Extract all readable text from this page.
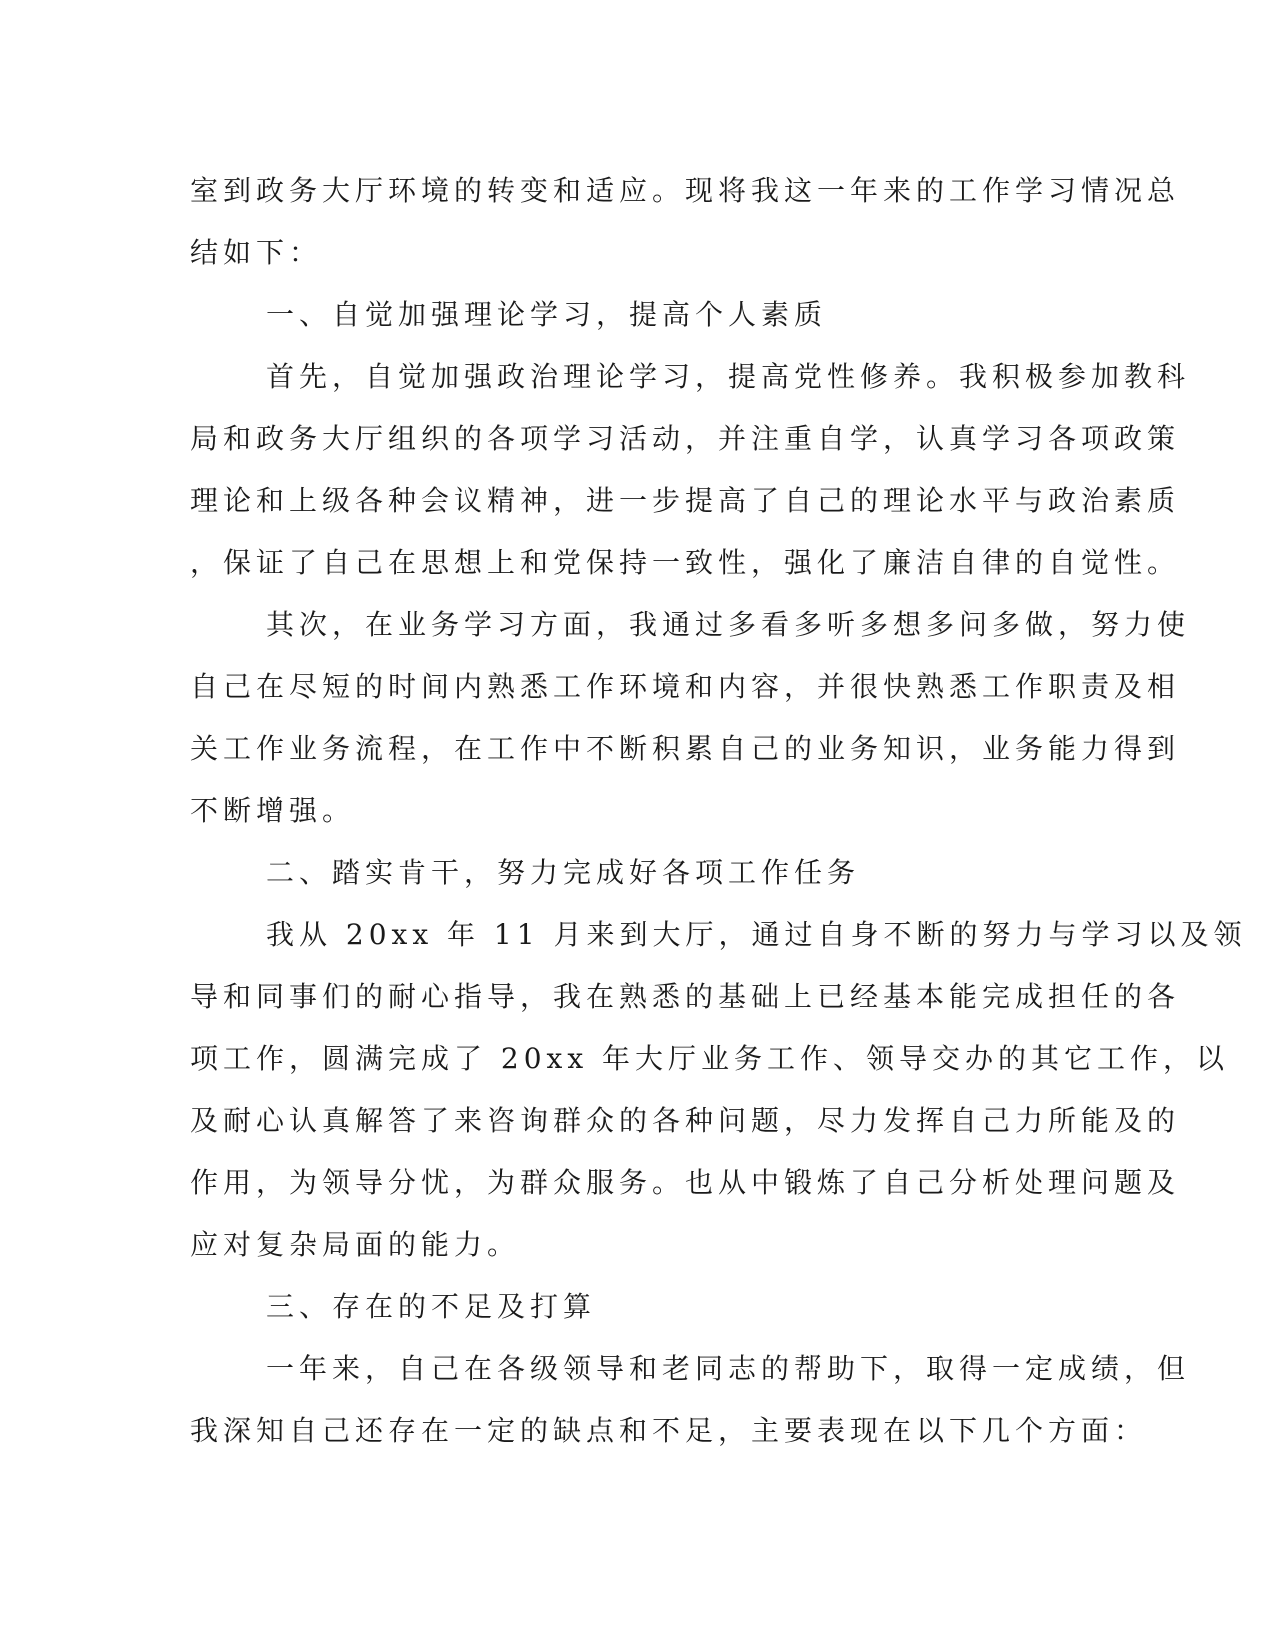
室到政务大厅环境的转变和适应。现将我这一年来的工作学习情况总
结如下：
一、自觉加强理论学习，提高个人素质
首先，自觉加强政治理论学习，提高党性修养。我积极参加教科
局和政务大厅组织的各项学习活动，并注重自学，认真学习各项政策
理论和上级各种会议精神，进一步提高了自己的理论水平与政治素质
，保证了自己在思想上和党保持一致性，强化了廉洁自律的自觉性。
其次，在业务学习方面，我通过多看多听多想多问多做，努力使
自己在尽短的时间内熟悉工作环境和内容，并很快熟悉工作职责及相
关工作业务流程，在工作中不断积累自己的业务知识，业务能力得到
不断增强。
二、踏实肯干，努力完成好各项工作任务
我从 20xx 年 11 月来到大厅，通过自身不断的努力与学习以及领
导和同事们的耐心指导，我在熟悉的基础上已经基本能完成担任的各
项工作，圆满完成了 20xx 年大厅业务工作、领导交办的其它工作，以
及耐心认真解答了来咨询群众的各种问题，尽力发挥自己力所能及的
作用，为领导分忧，为群众服务。也从中锻炼了自己分析处理问题及
应对复杂局面的能力。
三、存在的不足及打算
一年来，自己在各级领导和老同志的帮助下，取得一定成绩，但
我深知自己还存在一定的缺点和不足，主要表现在以下几个方面：
